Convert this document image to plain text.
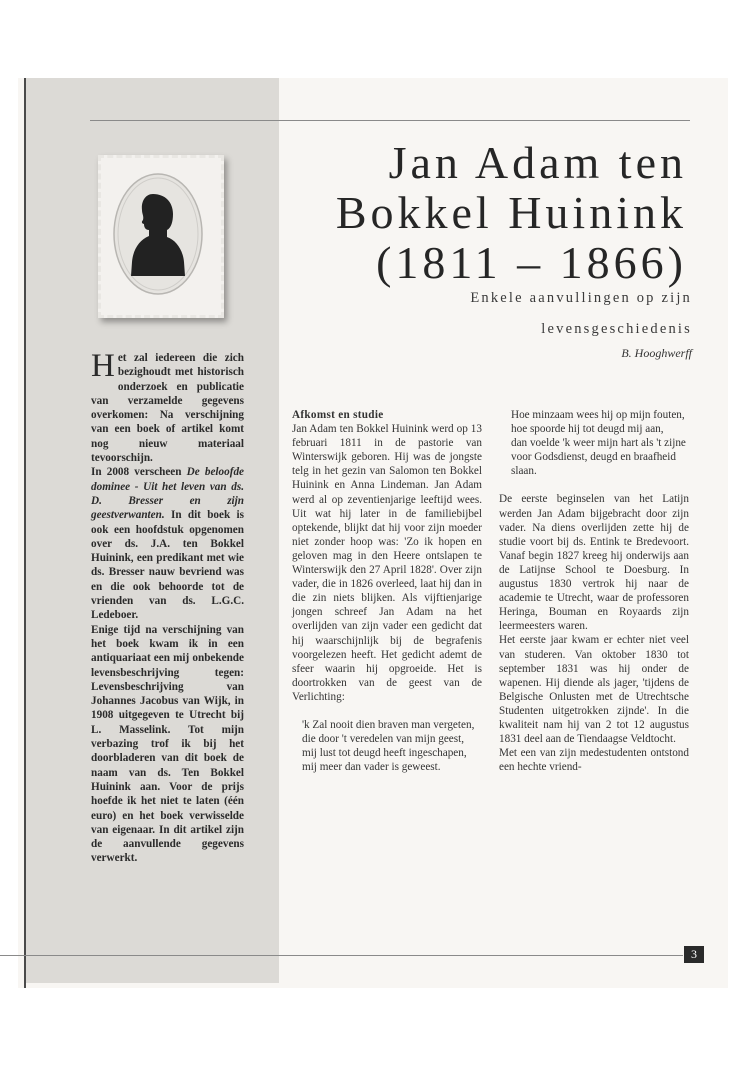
3
Jan Adam ten
Bokkel Huinink
(1811 – 1866)
Enkele aanvullingen op zijn
levensgeschiedenis
B. Hooghwerff
H et zal iedereen die zich bezighoudt met historisch onderzoek en publicatie van verzamelde gegevens overkomen: Na verschijning van een boek of artikel komt nog nieuw materiaal tevoorschijn.

In 2008 verscheen De beloofde dominee - Uit het leven van ds. D. Bresser en zijn geestverwanten. In dit boek is ook een hoofdstuk opgenomen over ds. J.A. ten Bokkel Huinink, een predikant met wie ds. Bresser nauw bevriend was en die ook behoorde tot de vrienden van ds. L.G.C. Ledeboer.

Enige tijd na verschijning van het boek kwam ik in een antiquariaat een mij onbekende levensbeschrijving tegen: Levensbeschrijving van Johannes Jacobus van Wijk, in 1908 uitgegeven te Utrecht bij L. Masselink. Tot mijn verbazing trof ik bij het doorbladeren van dit boek de naam van ds. Ten Bokkel Huinink aan. Voor de prijs hoefde ik het niet te laten (één euro) en het boek verwisselde van eigenaar. In dit artikel zijn de aanvullende gegevens verwerkt.

Afkomst en studie

Jan Adam ten Bokkel Huinink werd op 13 februari 1811 in de pastorie van Winterswijk geboren. Hij was de jongste telg in het gezin van Salomon ten Bokkel Huinink en Anna Lindeman. Jan Adam werd al op zeventienjarige leeftijd wees. Uit wat hij later in de familiebijbel optekende, blijkt dat hij voor zijn moeder niet zonder hoop was: 'Zo ik hopen en geloven mag in den Heere ontslapen te Winterswijk den 27 April 1828'. Over zijn vader, die in 1826 overleed, laat hij dan in die zin niets blijken. Als vijftienjarige jongen schreef Jan Adam na het overlijden van zijn vader een gedicht dat hij waarschijnlijk bij de begrafenis voorgelezen heeft. Het gedicht ademt de sfeer waarin hij opgroeide. Het is doortrokken van de geest van de Verlichting:

'k Zal nooit dien braven man vergeten,
die door 't veredelen van mijn geest,
mij lust tot deugd heeft ingeschapen,
mij meer dan vader is geweest.

Hoe minzaam wees hij op mijn fouten,
hoe spoorde hij tot deugd mij aan,
dan voelde 'k weer mijn hart als 't zijne
voor Godsdienst, deugd en braafheid slaan.

De eerste beginselen van het Latijn werden Jan Adam bijgebracht door zijn vader. Na diens overlijden zette hij de studie voort bij ds. Entink te Bredevoort. Vanaf begin 1827 kreeg hij onderwijs aan de Latijnse School te Doesburg. In augustus 1830 vertrok hij naar de academie te Utrecht, waar de professoren Heringa, Bouman en Royaards zijn leermeesters waren.

Het eerste jaar kwam er echter niet veel van studeren. Van oktober 1830 tot september 1831 was hij onder de wapenen. Hij diende als jager, 'tijdens de Belgische Onlusten met de Utrechtsche Studenten uitgetrokken zijnde'. In die kwaliteit nam hij van 2 tot 12 augustus 1831 deel aan de Tiendaagse Veldtocht.

Met een van zijn medestudenten ontstond een hechte vriend-
